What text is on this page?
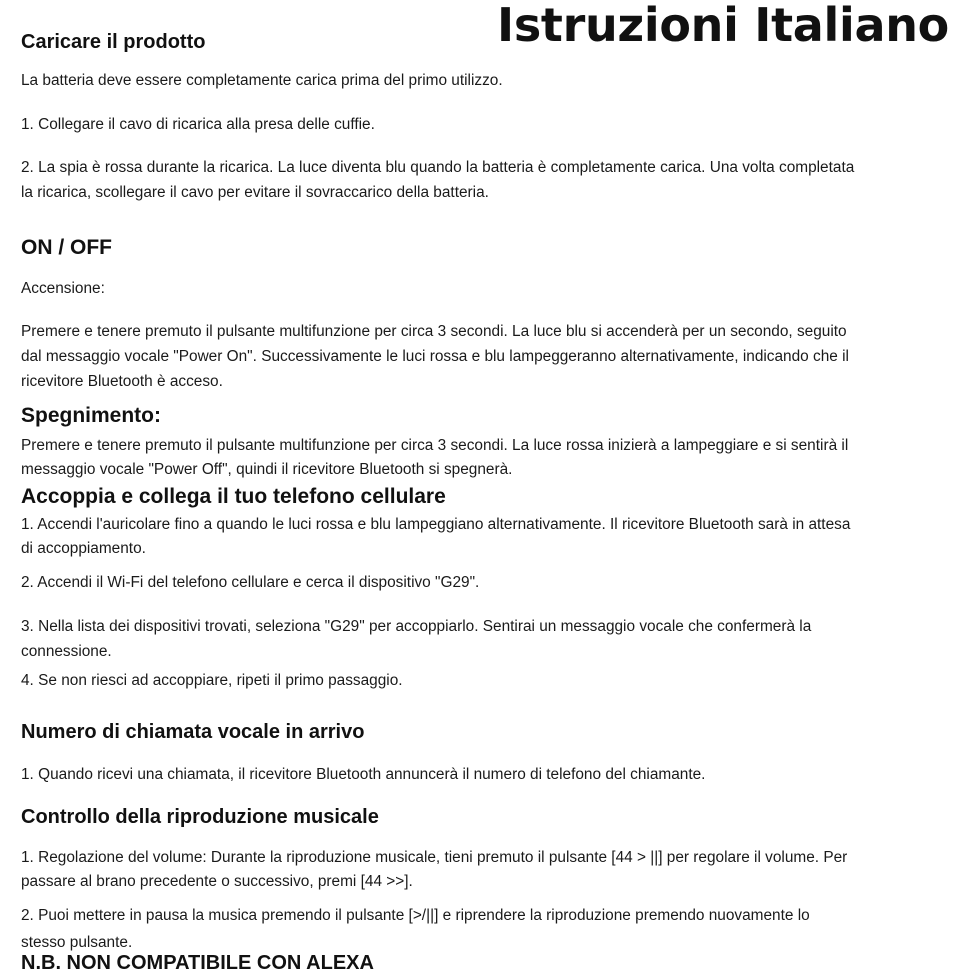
Istruzioni Italiano
Caricare il prodotto
La batteria deve essere completamente carica prima del primo utilizzo.
1. Collegare il cavo di ricarica alla presa delle cuffie.
2. La spia è rossa durante la ricarica. La luce diventa blu quando la batteria è completamente carica. Una volta completata
la ricarica, scollegare il cavo per evitare il sovraccarico della batteria.
ON / OFF
Accensione:
Premere e tenere premuto il pulsante multifunzione per circa 3 secondi. La luce blu si accenderà per un secondo, seguito
dal messaggio vocale "Power On". Successivamente le luci rossa e blu lampeggeranno alternativamente, indicando che il
ricevitore Bluetooth è acceso.
Spegnimento:
Premere e tenere premuto il pulsante multifunzione per circa 3 secondi. La luce rossa inizierà a lampeggiare e si sentirà il
messaggio vocale "Power Off", quindi il ricevitore Bluetooth si spegnerà.
Accoppia e collega il tuo telefono cellulare
1. Accendi l'auricolare fino a quando le luci rossa e blu lampeggiano alternativamente. Il ricevitore Bluetooth sarà in attesa
di accoppiamento.
2. Accendi il Wi-Fi del telefono cellulare e cerca il dispositivo "G29".
3. Nella lista dei dispositivi trovati, seleziona "G29" per accoppiarlo. Sentirai un messaggio vocale che confermerà la
connessione.
4. Se non riesci ad accoppiare, ripeti il primo passaggio.
Numero di chiamata vocale in arrivo
1. Quando ricevi una chiamata, il ricevitore Bluetooth annuncerà il numero di telefono del chiamante.
Controllo della riproduzione musicale
1. Regolazione del volume: Durante la riproduzione musicale, tieni premuto il pulsante [44 > ||] per regolare il volume. Per
passare al brano precedente o successivo, premi [44 >>].
2. Puoi mettere in pausa la musica premendo il pulsante [>/||] e riprendere la riproduzione premendo nuovamente lo
stesso pulsante.
N.B. NON COMPATIBILE CON ALEXA
